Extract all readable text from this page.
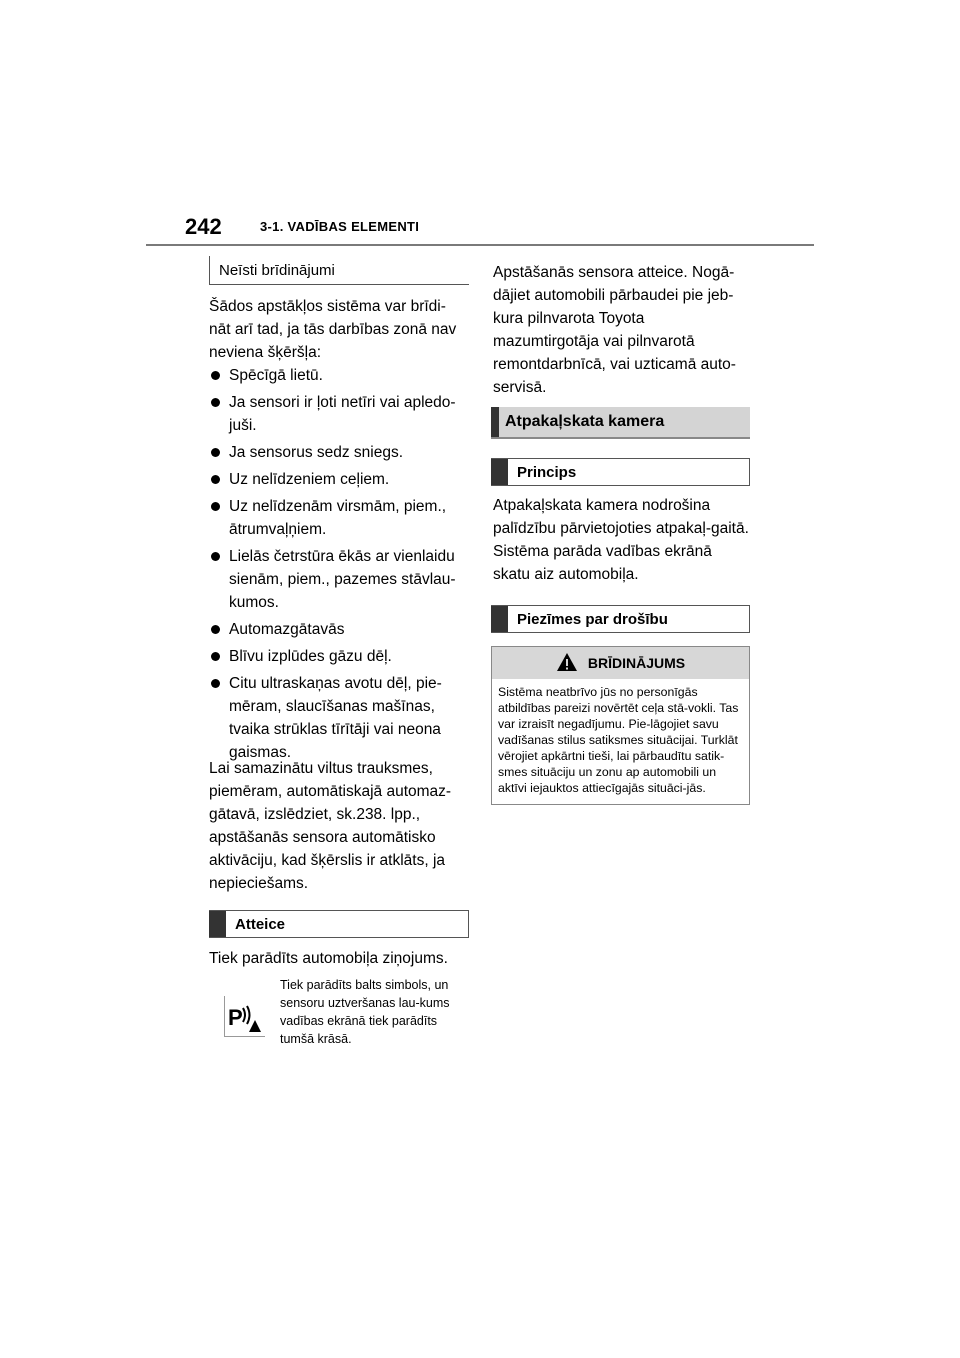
242	3-1. VADĪBAS ELEMENTI
Neīsti brīdinājumi
Šādos apstākļos sistēma var brīdi-nāt arī tad, ja tās darbības zonā nav neviena šķēršļa:
Spēcīgā lietū.
Ja sensori ir ļoti netīri vai apledo-juši.
Ja sensorus sedz sniegs.
Uz nelīdzeniem ceļiem.
Uz nelīdzenām virsmām, piem., ātrumvaļņiem.
Lielās četrstūra ēkās ar vienlaidu sienām, piem., pazemes stāvlau-kumos.
Automazgātavās
Blīvu izplūdes gāzu dēļ.
Citu ultraskaņas avotu dēļ, pie-mēram, slaucīšanas mašīnas, tvaika strūklas tīrītāji vai neona gaismas.
Lai samazinātu viltus trauksmes, piemēram, automātiskajā automaz-gātavā, izslēdziet, sk.238. lpp., apstāšanās sensora automātisko aktivāciju, kad šķērslis ir atklāts, ja nepieciešams.
Atteice
Tiek parādīts automobiļa ziņojums.
P
Tiek parādīts balts simbols, un sensoru uztveršanas lau-kums vadības ekrānā tiek parādīts tumšā krāsā.
Apstāšanās sensora atteice. Nogā-dājiet automobili pārbaudei pie jeb-kura pilnvarota Toyota mazumtirgotāja vai pilnvarotā remontdarbnīcā, vai uzticamā auto-servisā.
Atpakaļskata kamera
Princips
Atpakaļskata kamera nodrošina palīdzību pārvietojoties atpakaļ-gaitā. Sistēma parāda vadības ekrānā skatu aiz automobiļa.
Piezīmes par drošību
BRĪDINĀJUMS
Sistēma neatbrīvo jūs no personīgās atbildības pareizi novērtēt ceļa stā-vokli. Tas var izraisīt negadījumu. Pie-lāgojiet savu vadīšanas stilus satiksmes situācijai. Turklāt vērojiet apkārtni tieši, lai pārbaudītu satik-smes situāciju un zonu ap automobili un aktīvi iejauktos attiecīgajās situāci-jās.
